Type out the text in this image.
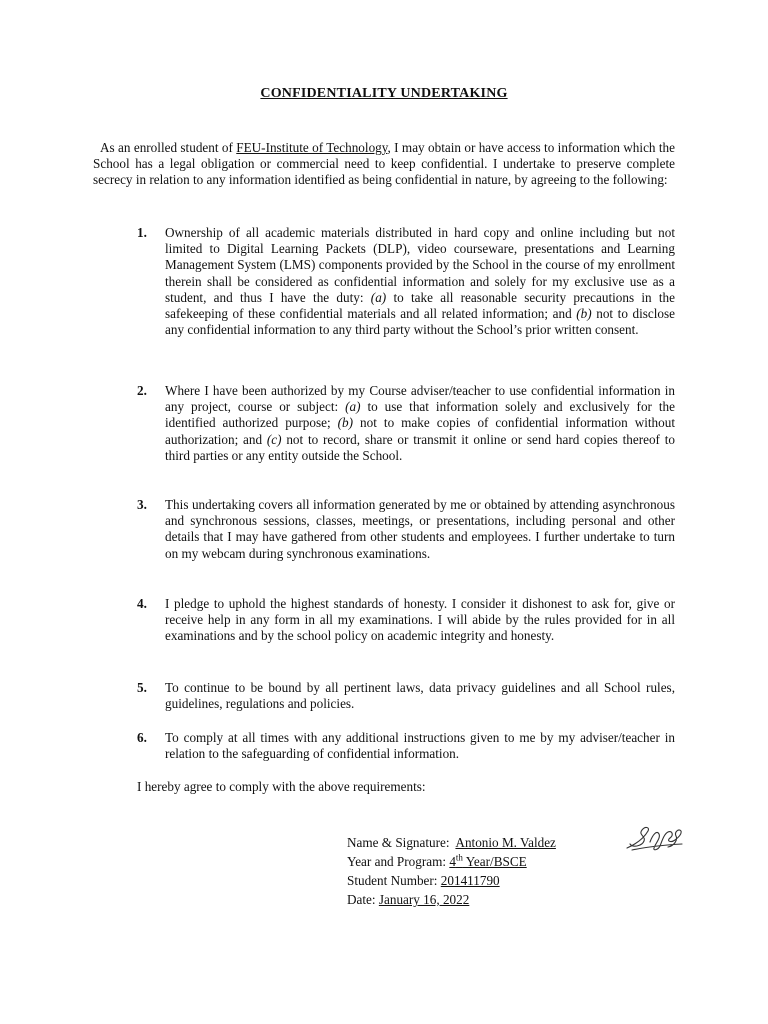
CONFIDENTIALITY UNDERTAKING
As an enrolled student of FEU-Institute of Technology, I may obtain or have access to information which the School has a legal obligation or commercial need to keep confidential. I undertake to preserve complete secrecy in relation to any information identified as being confidential in nature, by agreeing to the following:
1.	Ownership of all academic materials distributed in hard copy and online including but not limited to Digital Learning Packets (DLP), video courseware, presentations and Learning Management System (LMS) components provided by the School in the course of my enrollment therein shall be considered as confidential information and solely for my exclusive use as a student, and thus I have the duty: (a) to take all reasonable security precautions in the safekeeping of these confidential materials and all related information; and (b) not to disclose any confidential information to any third party without the School’s prior written consent.
2.	Where I have been authorized by my Course adviser/teacher to use confidential information in any project, course or subject: (a) to use that information solely and exclusively for the identified authorized purpose; (b) not to make copies of confidential information without authorization; and (c) not to record, share or transmit it online or send hard copies thereof to third parties or any entity outside the School.
3.	This undertaking covers all information generated by me or obtained by attending asynchronous and synchronous sessions, classes, meetings, or presentations, including personal and other details that I may have gathered from other students and employees. I further undertake to turn on my webcam during synchronous examinations.
4.	I pledge to uphold the highest standards of honesty. I consider it dishonest to ask for, give or receive help in any form in all my examinations. I will abide by the rules provided for in all examinations and by the school policy on academic integrity and honesty.
5.	To continue to be bound by all pertinent laws, data privacy guidelines and all School rules, guidelines, regulations and policies.
6.	To comply at all times with any additional instructions given to me by my adviser/teacher in relation to the safeguarding of confidential information.
I hereby agree to comply with the above requirements:
Name & Signature: Antonio M. Valdez
Year and Program: 4th Year/BSCE
Student Number: 201411790
Date: January 16, 2022
